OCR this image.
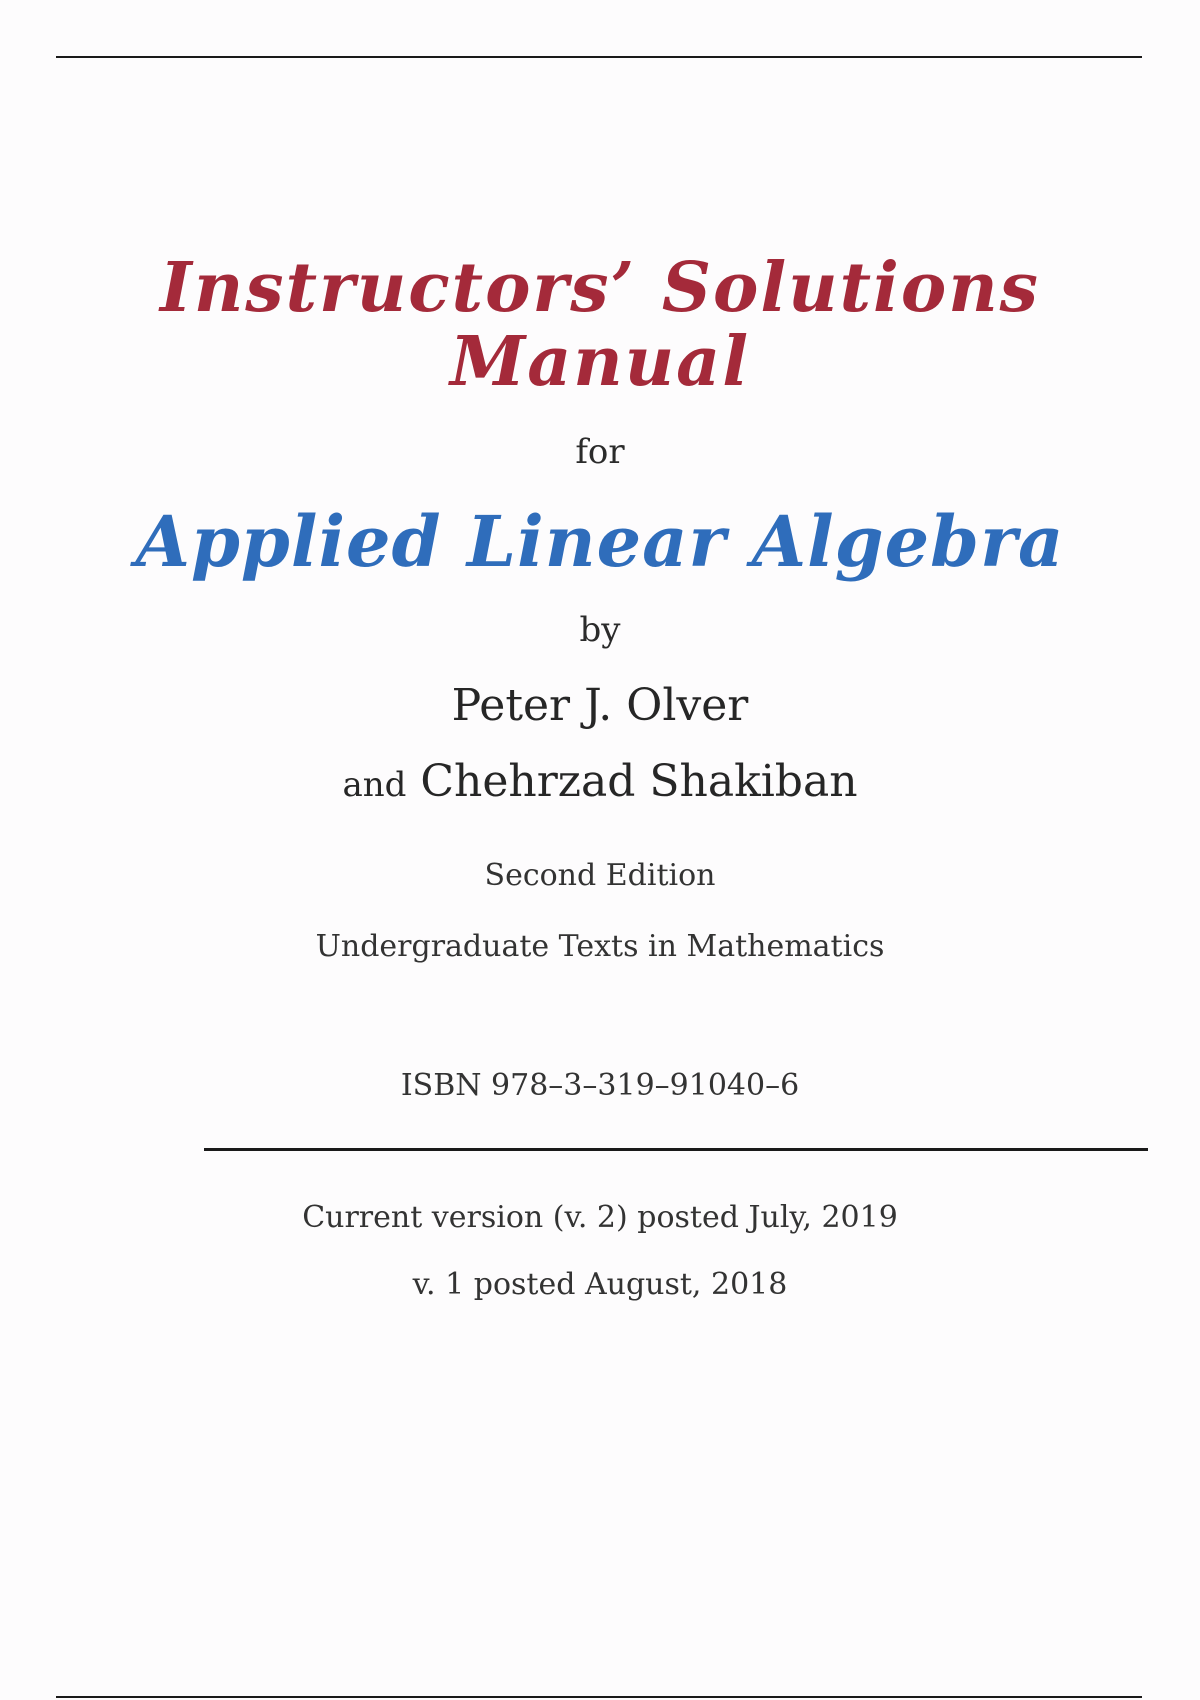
Instructors’ Solutions
Manual
for
Applied Linear Algebra
by
Peter J. Olver
and Chehrzad Shakiban
Second Edition
Undergraduate Texts in Mathematics
ISBN 978–3–319–91040–6
Current version (v. 2) posted July, 2019
v. 1 posted August, 2018
